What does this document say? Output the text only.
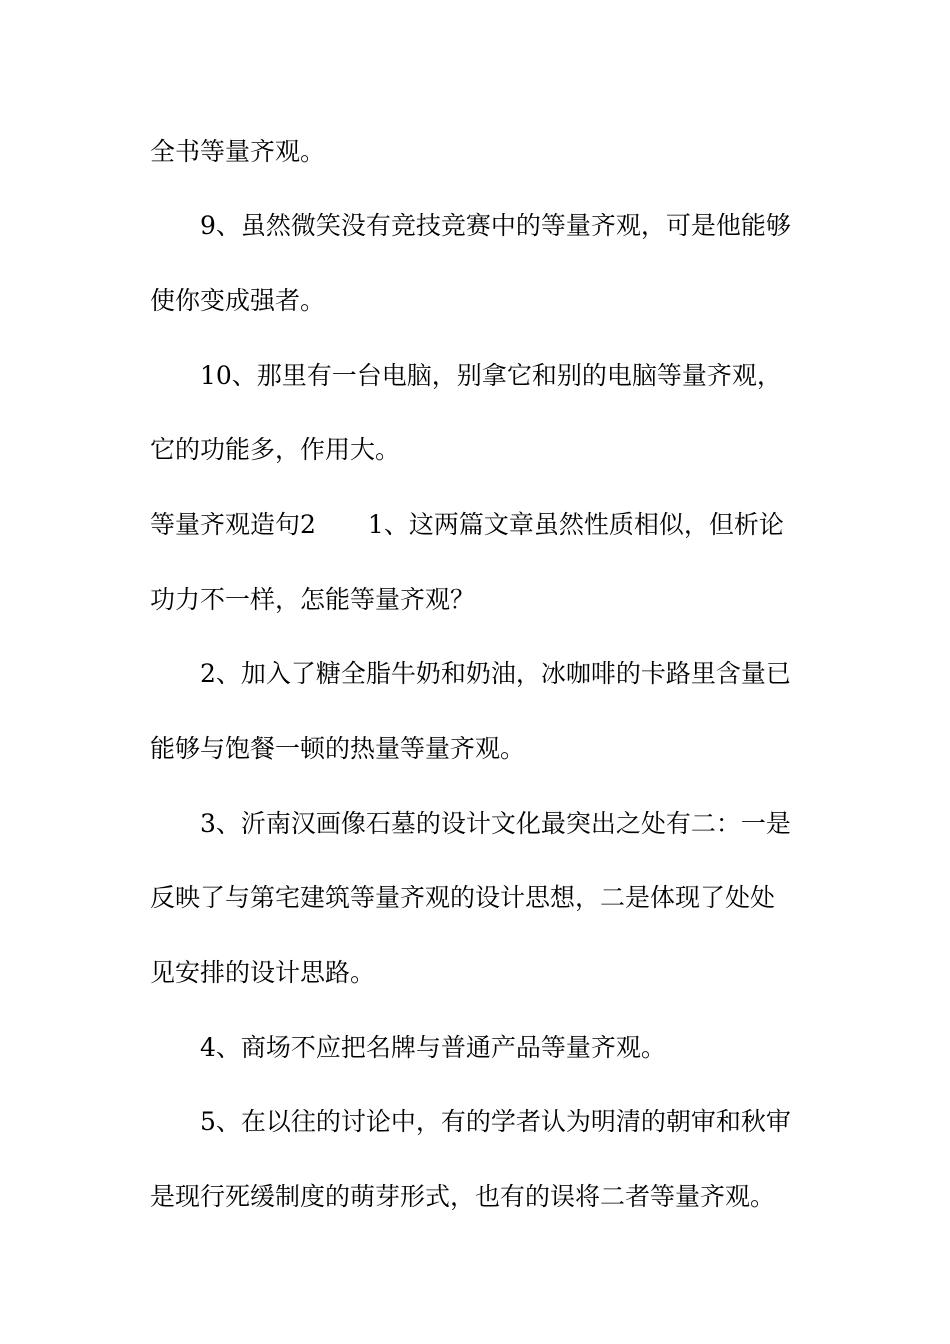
全书等量齐观。
9、虽然微笑没有竞技竞赛中的等量齐观，可是他能够
使你变成强者。
10、那里有一台电脑，别拿它和别的电脑等量齐观，
它的功能多，作用大。
等量齐观造句2 1、这两篇文章虽然性质相似，但析论
功力不一样，怎能等量齐观？
2、加入了糖全脂牛奶和奶油，冰咖啡的卡路里含量已
能够与饱餐一顿的热量等量齐观。
3、沂南汉画像石墓的设计文化最突出之处有二：一是
反映了与第宅建筑等量齐观的设计思想，二是体现了处处
见安排的设计思路。
4、商场不应把名牌与普通产品等量齐观。
5、在以往的讨论中，有的学者认为明清的朝审和秋审
是现行死缓制度的萌芽形式，也有的误将二者等量齐观。
